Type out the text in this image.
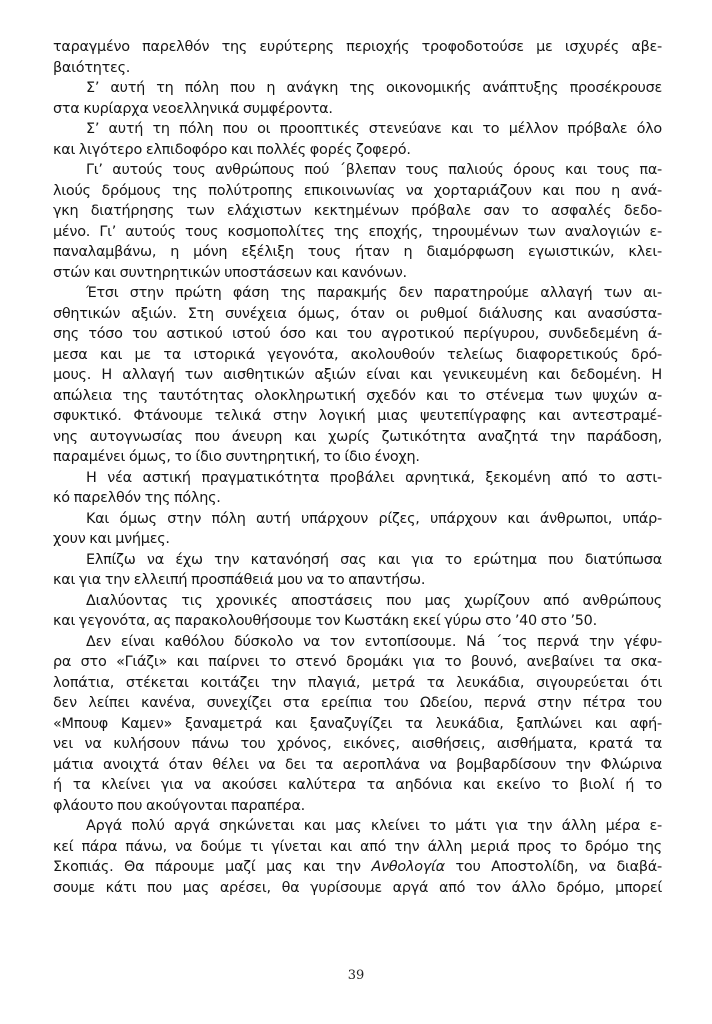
ταραγμένο παρελθόν της ευρύτερης περιοχής τροφοδοτούσε με ισχυρές αβε-
βαιότητες.
Σ’ αυτή τη πόλη που η ανάγκη της οικονομικής ανάπτυξης προσέκρουσε
στα κυρίαρχα νεοελληνικά συμφέροντα.
Σ’ αυτή τη πόλη που οι προοπτικές στενεύανε και το μέλλον πρόβαλε όλο
και λιγότερο ελπιδοφόρο και πολλές φορές ζοφερό.
Γι’ αυτούς τους ανθρώπους πού ΄βλεπαν τους παλιούς όρους και τους πα-
λιούς δρόμους της πολύτροπης επικοινωνίας να χορταριάζουν και που η ανά-
γκη διατήρησης των ελάχιστων κεκτημένων πρόβαλε σαν το ασφαλές δεδο-
μένο. Γι’ αυτούς τους κοσμοπολίτες της εποχής, τηρουμένων των αναλογιών ε-
παναλαμβάνω, η μόνη εξέλιξη τους ήταν η διαμόρφωση εγωιστικών, κλει-
στών και συντηρητικών υποστάσεων και κανόνων.
Έτσι στην πρώτη φάση της παρακμής δεν παρατηρούμε αλλαγή των αι-
σθητικών αξιών. Στη συνέχεια όμως, όταν οι ρυθμοί διάλυσης και ανασύστα-
σης τόσο του αστικού ιστού όσο και του αγροτικού περίγυρου, συνδεδεμένη ά-
μεσα και με τα ιστορικά γεγονότα, ακολουθούν τελείως διαφορετικούς δρό-
μους. Η αλλαγή των αισθητικών αξιών είναι και γενικευμένη και δεδομένη. Η
απώλεια της ταυτότητας ολοκληρωτική σχεδόν και το στένεμα των ψυχών α-
σφυκτικό. Φτάνουμε τελικά στην λογική μιας ψευτεπίγραφης και αντεστραμέ-
νης αυτογνωσίας που άνευρη και χωρίς ζωτικότητα αναζητά την παράδοση,
παραμένει όμως, το ίδιο συντηρητική, το ίδιο ένοχη.
Η νέα αστική πραγματικότητα προβάλει αρνητικά, ξεκομένη από το αστι-
κό παρελθόν της πόλης.
Και όμως στην πόλη αυτή υπάρχουν ρίζες, υπάρχουν και άνθρωποι, υπάρ-
χουν και μνήμες.
Ελπίζω να έχω την κατανόησή σας και για το ερώτημα που διατύπωσα
και για την ελλειπή προσπάθειά μου να το απαντήσω.
Διαλύοντας τις χρονικές αποστάσεις που μας χωρίζουν από ανθρώπους
και γεγονότα, ας παρακολουθήσουμε τον Κωστάκη εκεί γύρω στο ’40 στο ’50.
Δεν είναι καθόλου δύσκολο να τον εντοπίσουμε. Ná ΄τος περνά την γέφυ-
ρα στο «Γιάζι» και παίρνει το στενό δρομάκι για το βουνό, ανεβαίνει τα σκα-
λοπάτια, στέκεται κοιτάζει την πλαγιά, μετρά τα λευκάδια, σιγουρεύεται ότι
δεν λείπει κανένα, συνεχίζει στα ερείπια του Ωδείου, περνά στην πέτρα του
«Μπουφ Καμεν» ξαναμετρά και ξαναζυγίζει τα λευκάδια, ξαπλώνει και αφή-
νει να κυλήσουν πάνω του χρόνος, εικόνες, αισθήσεις, αισθήματα, κρατά τα
μάτια ανοιχτά όταν θέλει να δει τα αεροπλάνα να βομβαρδίσουν την Φλώρινα
ή τα κλείνει για να ακούσει καλύτερα τα αηδόνια και εκείνο το βιολί ή το
φλάουτο που ακούγονται παραπέρα.
Αργά πολύ αργά σηκώνεται και μας κλείνει το μάτι για την άλλη μέρα ε-
κεί πάρα πάνω, να δούμε τι γίνεται και από την άλλη μεριά προς το δρόμο της
Σκοπιάς. Θα πάρουμε μαζί μας και την Ανθολογία του Αποστολίδη, να διαβά-
σουμε κάτι που μας αρέσει, θα γυρίσουμε αργά από τον άλλο δρόμο, μπορεί
39
